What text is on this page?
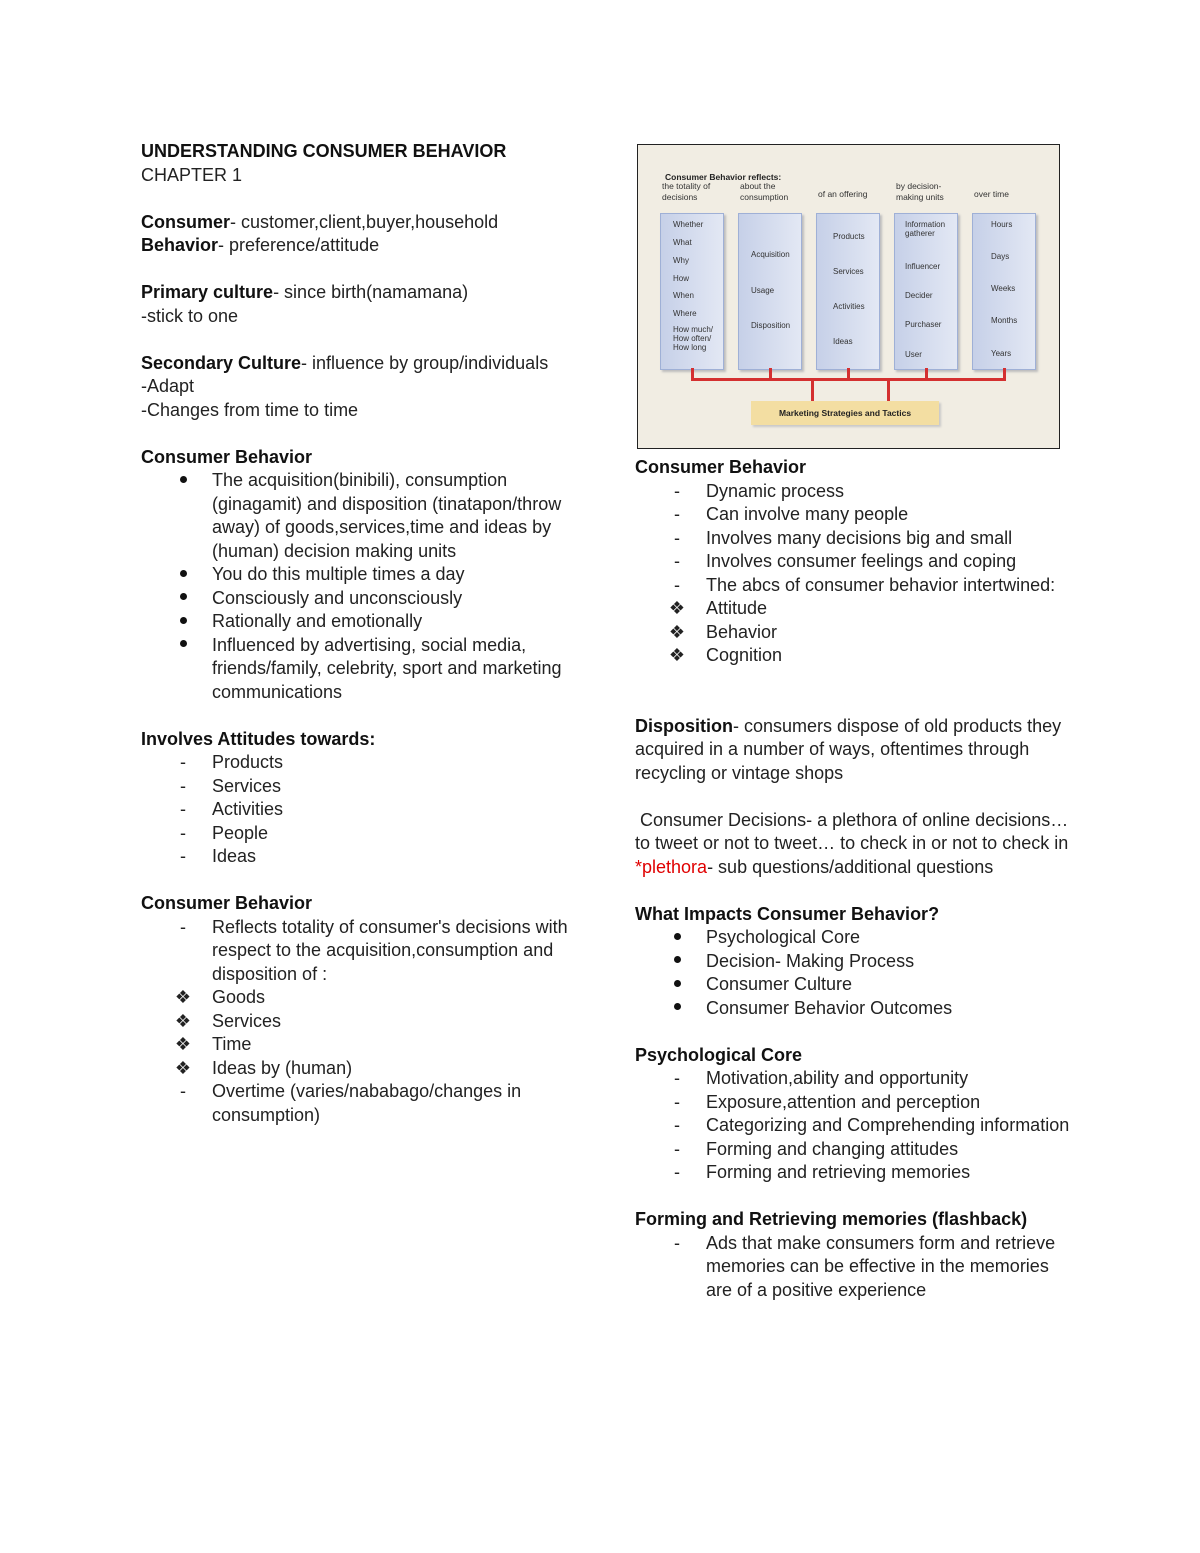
UNDERSTANDING CONSUMER BEHAVIOR

CHAPTER 1

Consumer- customer,client,buyer,household

Behavior- preference/attitude

Primary culture- since birth(namamana)

-stick to one

Secondary Culture- influence by group/individuals

-Adapt

-Changes from time to time

Consumer Behavior

The acquisition(binibili), consumption (ginagamit) and disposition (tinatapon/throw away) of goods,services,time and ideas by (human) decision making units
You do this multiple times a day
Consciously and unconsciously
Rationally and emotionally
Influenced by advertising, social media, friends/family, celebrity, sport and marketing communications

Involves Attitudes towards:

-	Products
-	Services
-	Activities
-	People
-	Ideas

Consumer Behavior

-	Reflects totality of consumer's decisions with respect to the acquisition,consumption and disposition of :
❖ Goods
❖ Services
❖ Time
❖ Ideas by (human)
-	Overtime (varies/nababago/changes in consumption)
Consumer Behavior reflects:
the totality of decisions
about the consumption	of an offering
by decision-making units	over time
Whether
What
Why
How
When
Where
How much/ How often/ How long
Acquisition
Usage
Disposition
Products
Services
Activities
Ideas
Information gatherer
Influencer
Decider
Purchaser
User
Hours
Days
Weeks
Months
Years
Marketing Strategies and Tactics

Consumer Behavior

-	Dynamic process
-	Can involve many people
-	Involves many decisions big and small
-	Involves consumer feelings and coping
-	The abcs of consumer behavior intertwined:
❖ Attitude
❖ Behavior
❖ Cognition

Disposition- consumers dispose of old products they acquired in a number of ways, oftentimes through recycling or vintage shops

Consumer Decisions- a plethora of online decisions… to tweet or not to tweet… to check in or not to check in

*plethora- sub questions/additional questions

What Impacts Consumer Behavior?

Psychological Core
Decision- Making Process
Consumer Culture
Consumer Behavior Outcomes

Psychological Core

-	Motivation,ability and opportunity
-	Exposure,attention and perception
-	Categorizing and Comprehending information
-	Forming and changing attitudes
-	Forming and retrieving memories

Forming and Retrieving memories (flashback)

-	Ads that make consumers form and retrieve memories can be effective in the memories are of a positive experience
